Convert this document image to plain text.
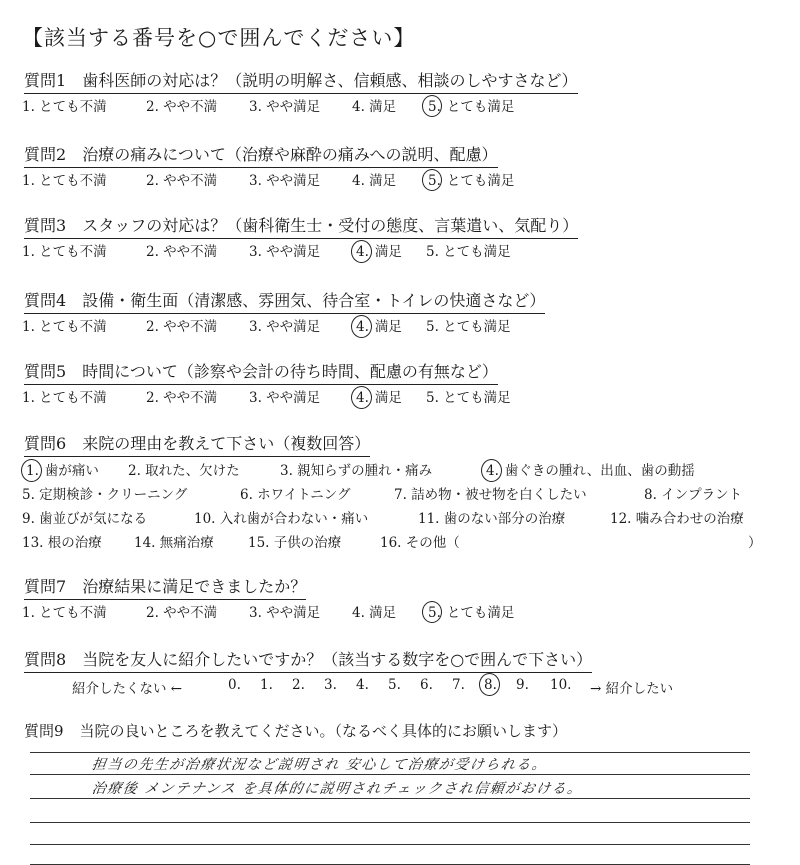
【該当する番号を○で囲んでください】
質問1 歯科医師の対応は？（説明の明解さ、信頼感、相談のしやすさなど）
1. とても不満	2. やや不満 3. やや満足 4. 満足 5. とても満足
質問2 治療の痛みについて（治療や麻酔の痛みへの説明、配慮）
1. とても不満	2. やや不満 3. やや満足 4. 満足 5. とても満足
質問3 スタッフの対応は？（歯科衛生士・受付の態度、言葉遣い、気配り）
1. とても不満	2. やや不満 3. やや満足	4. 満足 5. とても満足
質問4 設備・衛生面（清潔感、雰囲気、待合室・トイレの快適さなど）
1. とても不満	2. やや不満 3. やや満足	4. 満足 5. とても満足
質問5 時間について（診察や会計の待ち時間、配慮の有無など）
1. とても不満	2. やや不満 3. やや満足	4. 満足 5. とても満足
質問6 来院の理由を教えて下さい（複数回答）
1. 歯が痛い 2. 取れた、欠けた	3. 親知らずの腫れ・痛み	4. 歯ぐきの腫れ、出血、歯の動揺
5. 定期検診・クリーニング	6. ホワイトニング	7. 詰め物・被せ物を白くしたい	8. インプラント
9. 歯並びが気になる	10. 入れ歯が合わない・痛い	11. 歯のない部分の治療	12. 噛み合わせの治療
13. 根の治療 14. 無痛治療	15. 子供の治療	16. その他（	）
質問7 治療結果に満足できましたか？
1. とても不満	2. やや不満 3. やや満足 4. 満足 5. とても満足
質問8 当院を友人に紹介したいですか？（該当する数字を○で囲んで下さい）
紹介したくない ←	0. 1. 2. 3. 4. 5. 6. 7. 8.	9. 10. → 紹介したい
質問9 当院の良いところを教えてください。（なるべく具体的にお願いします）
担当の先生が治療状況など説明され 安心して治療が受けられる。
治療後 メンテナンス を具体的に説明されチェックされ信頼がおける。
